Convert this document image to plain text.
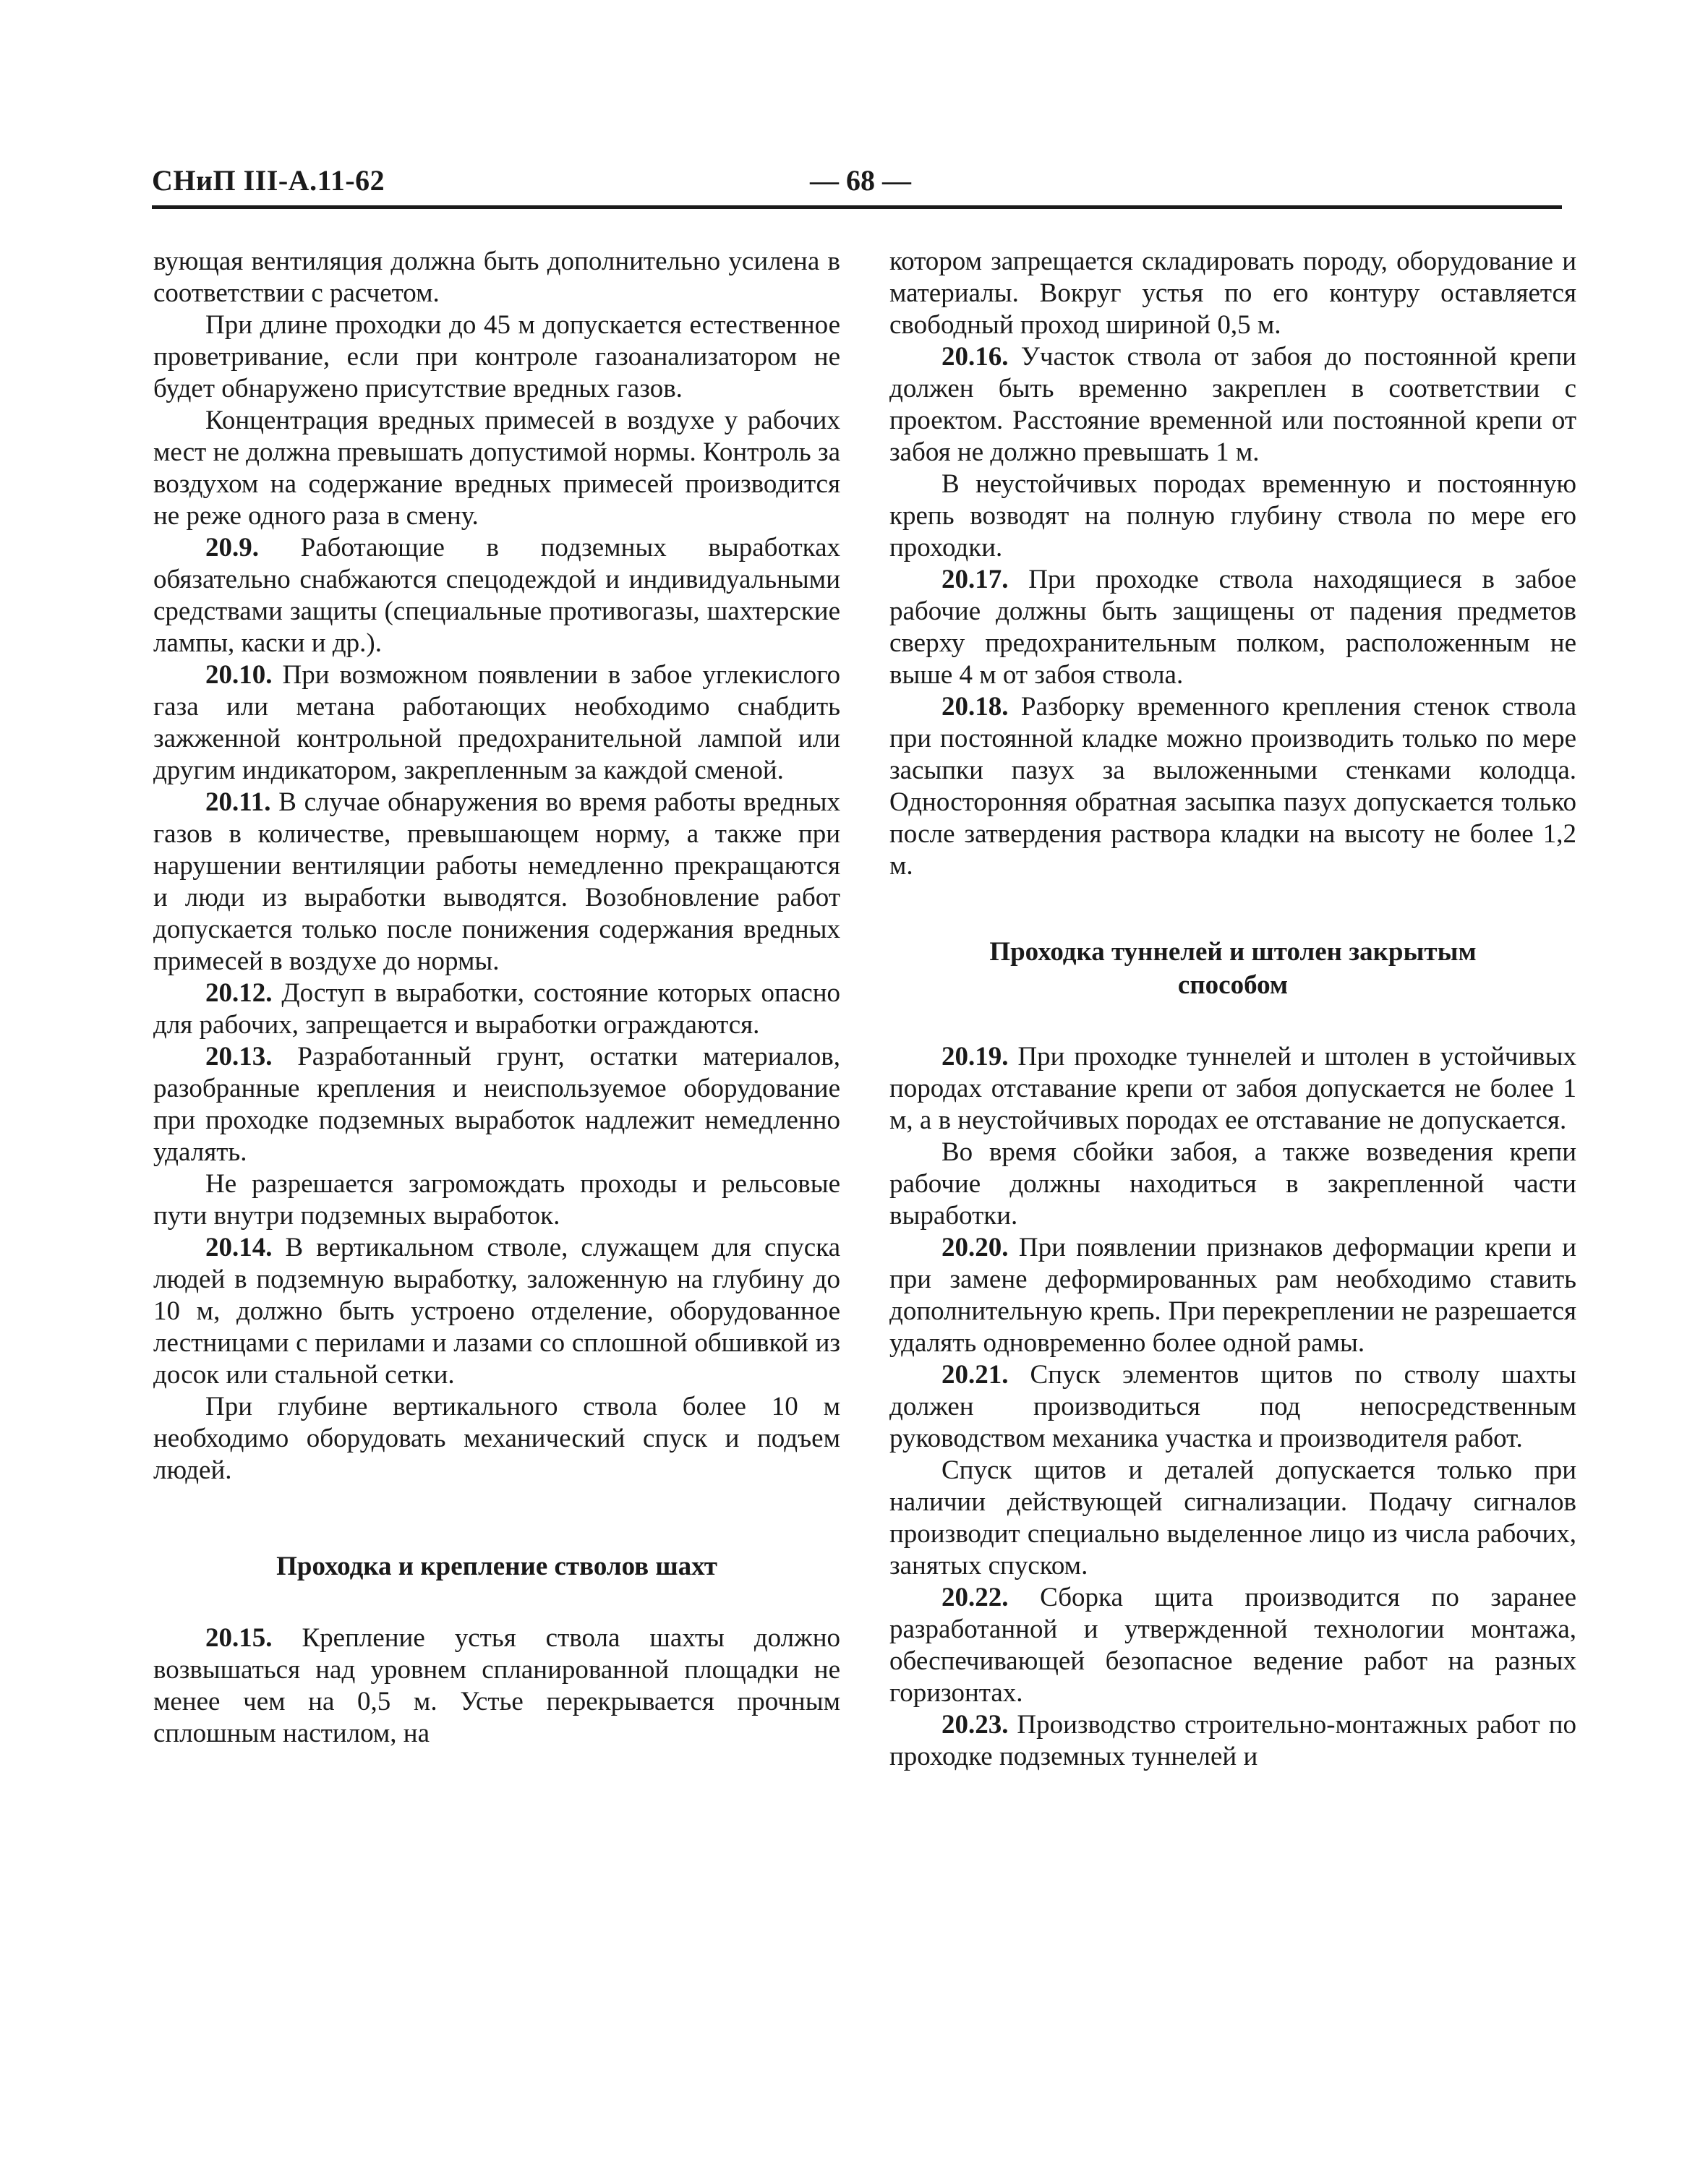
СНиП III-A.11-62	— 68 —

вующая вентиляция должна быть дополнительно усилена в соответствии с расчетом.

При длине проходки до 45 м допускается естественное проветривание, если при контроле газоанализатором не будет обнаружено присутствие вредных газов.

Концентрация вредных примесей в воздухе у рабочих мест не должна превышать допустимой нормы. Контроль за воздухом на содержание вредных примесей производится не реже одного раза в смену.

20.9. Работающие в подземных выработках обязательно снабжаются спецодеждой и индивидуальными средствами защиты (специальные противогазы, шахтерские лампы, каски и др.).

20.10. При возможном появлении в забое углекислого газа или метана работающих необходимо снабдить зажженной контрольной предохранительной лампой или другим индикатором, закрепленным за каждой сменой.

20.11. В случае обнаружения во время работы вредных газов в количестве, превышающем норму, а также при нарушении вентиляции работы немедленно прекращаются и люди из выработки выводятся. Возобновление работ допускается только после понижения содержания вредных примесей в воздухе до нормы.

20.12. Доступ в выработки, состояние которых опасно для рабочих, запрещается и выработки ограждаются.

20.13. Разработанный грунт, остатки материалов, разобранные крепления и неиспользуемое оборудование при проходке подземных выработок надлежит немедленно удалять.

Не разрешается загромождать проходы и рельсовые пути внутри подземных выработок.

20.14. В вертикальном стволе, служащем для спуска людей в подземную выработку, заложенную на глубину до 10 м, должно быть устроено отделение, оборудованное лестницами с перилами и лазами со сплошной обшивкой из досок или стальной сетки.

При глубине вертикального ствола более 10 м необходимо оборудовать механический спуск и подъем людей.

Проходка и крепление стволов шахт

20.15. Крепление устья ствола шахты должно возвышаться над уровнем спланированной площадки не менее чем на 0,5 м. Устье перекрывается прочным сплошным настилом, на

котором запрещается складировать породу, оборудование и материалы. Вокруг устья по его контуру оставляется свободный проход шириной 0,5 м.

20.16. Участок ствола от забоя до постоянной крепи должен быть временно закреплен в соответствии с проектом. Расстояние временной или постоянной крепи от забоя не должно превышать 1 м.

В неустойчивых породах временную и постоянную крепь возводят на полную глубину ствола по мере его проходки.

20.17. При проходке ствола находящиеся в забое рабочие должны быть защищены от падения предметов сверху предохранительным полком, расположенным не выше 4 м от забоя ствола.

20.18. Разборку временного крепления стенок ствола при постоянной кладке можно производить только по мере засыпки пазух за выложенными стенками колодца. Односторонняя обратная засыпка пазух допускается только после затвердения раствора кладки на высоту не более 1,2 м.

Проходка туннелей и штолен закрытым
способом

20.19. При проходке туннелей и штолен в устойчивых породах отставание крепи от забоя допускается не более 1 м, а в неустойчивых породах ее отставание не допускается.

Во время сбойки забоя, а также возведения крепи рабочие должны находиться в закрепленной части выработки.

20.20. При появлении признаков деформации крепи и при замене деформированных рам необходимо ставить дополнительную крепь. При перекреплении не разрешается удалять одновременно более одной рамы.

20.21. Спуск элементов щитов по стволу шахты должен производиться под непосредственным руководством механика участка и производителя работ.

Спуск щитов и деталей допускается только при наличии действующей сигнализации. Подачу сигналов производит специально выделенное лицо из числа рабочих, занятых спуском.

20.22. Сборка щита производится по заранее разработанной и утвержденной технологии монтажа, обеспечивающей безопасное ведение работ на разных горизонтах.

20.23. Производство строительно-монтажных работ по проходке подземных туннелей и
